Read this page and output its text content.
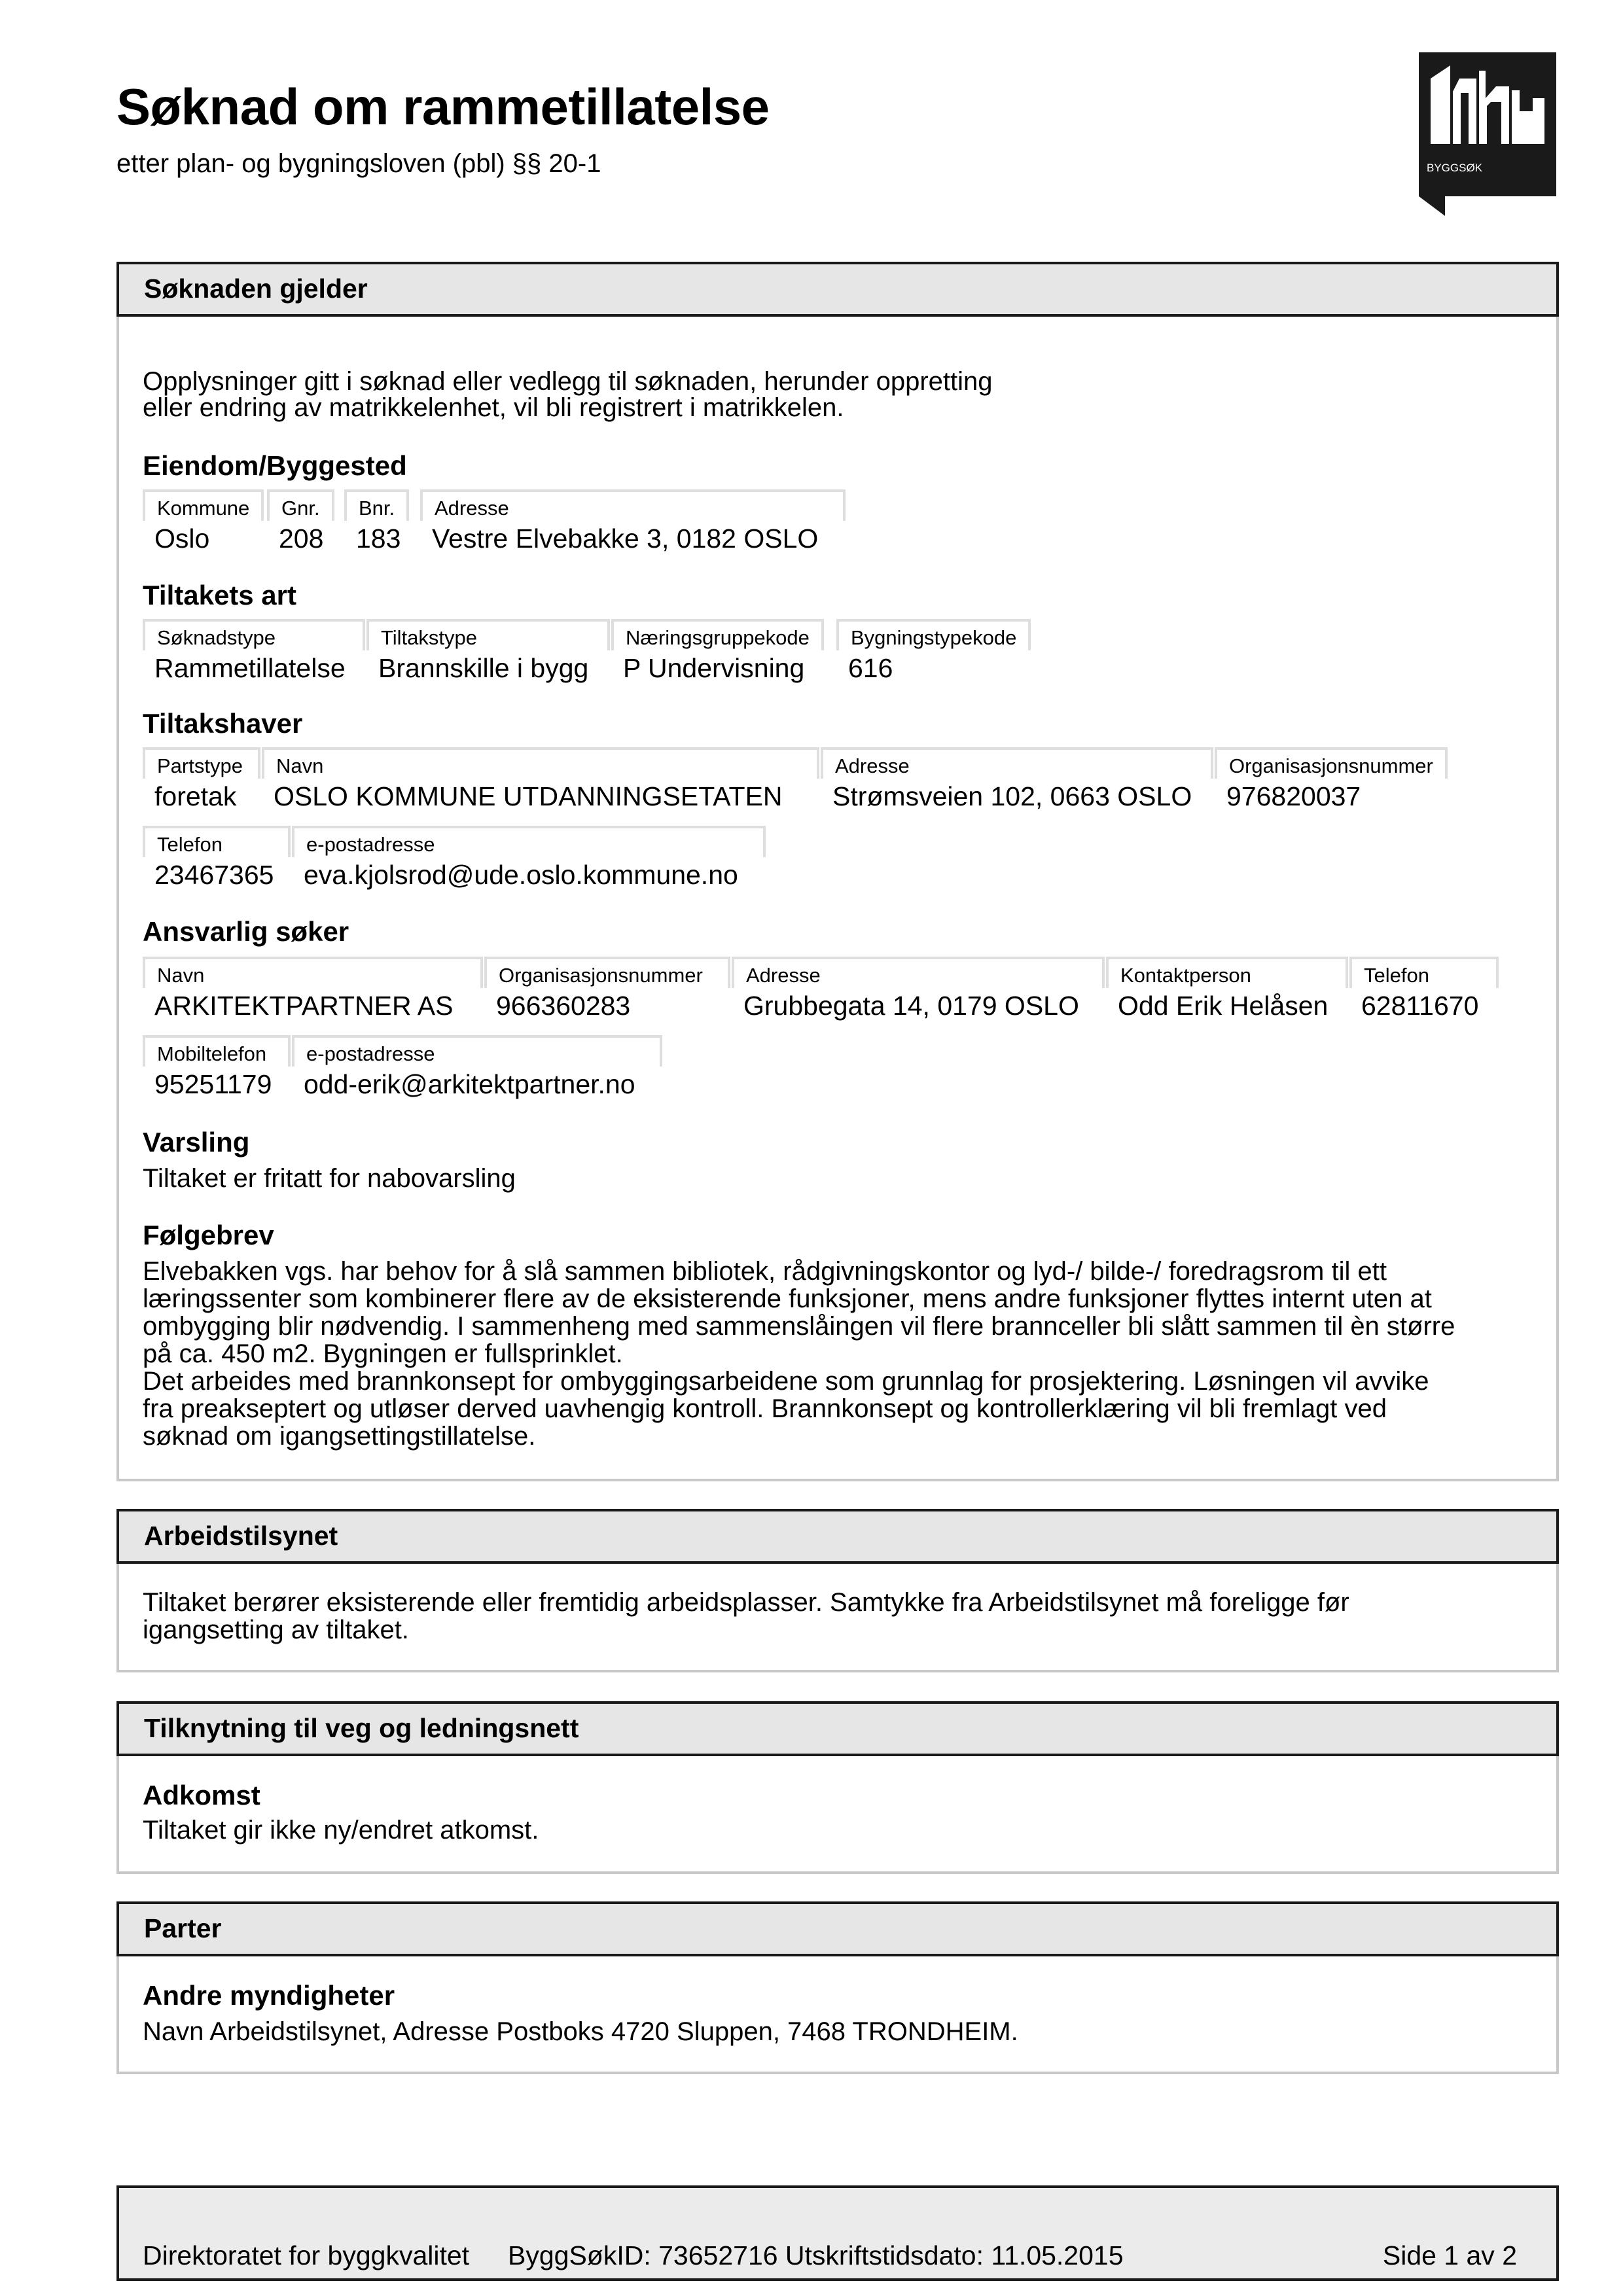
Søknad om rammetillatelse
etter plan- og bygningsloven (pbl) §§ 20-1	BYGGSØK
Søknaden gjelder
Opplysninger gitt i søknad eller vedlegg til søknaden, herunder oppretting
eller endring av matrikkelenhet, vil bli registrert i matrikkelen.
Eiendom/Byggested
Kommune
Oslo
Gnr.
208
Bnr.
183
Adresse
Vestre Elvebakke 3, 0182 OSLO
Tiltakets art
Søknadstype
Rammetillatelse
Tiltakstype
Brannskille i bygg
Næringsgruppekode
P Undervisning
Bygningstypekode
616
Tiltakshaver
Partstype
foretak
Navn
OSLO KOMMUNE UTDANNINGSETATEN
Adresse
Strømsveien 102, 0663 OSLO
Organisasjonsnummer
976820037
Telefon
23467365
e-postadresse
eva.kjolsrod@ude.oslo.kommune.no
Ansvarlig søker
Navn
ARKITEKTPARTNER AS
Organisasjonsnummer
966360283
Adresse
Grubbegata 14, 0179 OSLO
Kontaktperson
Odd Erik Helåsen
Telefon
62811670
Mobiltelefon
95251179
e-postadresse
odd-erik@arkitektpartner.no
Varsling
Tiltaket er fritatt for nabovarsling
Følgebrev
Elvebakken vgs. har behov for å slå sammen bibliotek, rådgivningskontor og lyd-/ bilde-/ foredragsrom til ett
læringssenter som kombinerer flere av de eksisterende funksjoner, mens andre funksjoner flyttes internt uten at
ombygging blir nødvendig. I sammenheng med sammenslåingen vil flere brannceller bli slått sammen til èn større
på ca. 450 m2. Bygningen er fullsprinklet.
Det arbeides med brannkonsept for ombyggingsarbeidene som grunnlag for prosjektering. Løsningen vil avvike
fra preakseptert og utløser derved uavhengig kontroll. Brannkonsept og kontrollerklæring vil bli fremlagt ved
søknad om igangsettingstillatelse.
Arbeidstilsynet
Tiltaket berører eksisterende eller fremtidig arbeidsplasser. Samtykke fra Arbeidstilsynet må foreligge før
igangsetting av tiltaket.
Tilknytning til veg og ledningsnett
Adkomst
Tiltaket gir ikke ny/endret atkomst.
Parter
Andre myndigheter
Navn Arbeidstilsynet, Adresse Postboks 4720 Sluppen, 7468 TRONDHEIM.
Direktoratet for byggkvalitet ByggSøkID: 73652716 Utskriftstidsdato: 11.05.2015	Side 1 av 2
